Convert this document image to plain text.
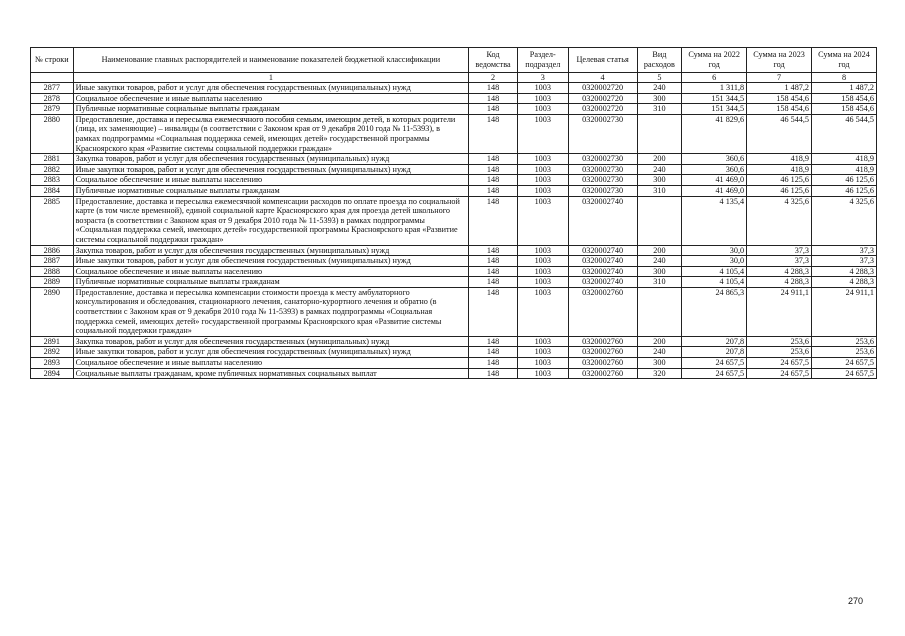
№ строки	Наименование главных распорядителей и наименование показателей бюджетной классификации	Код ведомства	Раздел-подраздел	Целевая статья	Вид расходов	Сумма на 2022 год	Сумма на 2023 год	Сумма на 2024 год
	1	2	3	4	5	6	7	8
2877	Иные закупки товаров, работ и услуг для обеспечения государственных (муниципальных) нужд	148	1003	0320002720	240	1 311,8	1 487,2	1 487,2
2878	Социальное обеспечение и иные выплаты населению	148	1003	0320002720	300	151 344,5	158 454,6	158 454,6
2879	Публичные нормативные социальные выплаты гражданам	148	1003	0320002720	310	151 344,5	158 454,6	158 454,6
2880	Предоставление, доставка и пересылка ежемесячного пособия семьям, имеющим детей, в которых родители (лица, их заменяющие) – инвалиды (в соответствии с Законом края от 9 декабря 2010 года № 11-5393), в рамках подпрограммы «Социальная поддержка семей, имеющих детей» государственной программы Красноярского края «Развитие системы социальной поддержки граждан»	148	1003	0320002730		41 829,6	46 544,5	46 544,5
2881	Закупка товаров, работ и услуг для обеспечения государственных (муниципальных) нужд	148	1003	0320002730	200	360,6	418,9	418,9
2882	Иные закупки товаров, работ и услуг для обеспечения государственных (муниципальных) нужд	148	1003	0320002730	240	360,6	418,9	418,9
2883	Социальное обеспечение и иные выплаты населению	148	1003	0320002730	300	41 469,0	46 125,6	46 125,6
2884	Публичные нормативные социальные выплаты гражданам	148	1003	0320002730	310	41 469,0	46 125,6	46 125,6
2885	Предоставление, доставка и пересылка ежемесячной компенсации расходов по оплате проезда по социальной карте (в том числе временной), единой социальной карте Красноярского края для проезда детей школьного возраста (в соответствии с Законом края от 9 декабря 2010 года № 11-5393) в рамках подпрограммы «Социальная поддержка семей, имеющих детей» государственной программы Красноярского края «Развитие системы социальной поддержки граждан»	148	1003	0320002740		4 135,4	4 325,6	4 325,6
2886	Закупка товаров, работ и услуг для обеспечения государственных (муниципальных) нужд	148	1003	0320002740	200	30,0	37,3	37,3
2887	Иные закупки товаров, работ и услуг для обеспечения государственных (муниципальных) нужд	148	1003	0320002740	240	30,0	37,3	37,3
2888	Социальное обеспечение и иные выплаты населению	148	1003	0320002740	300	4 105,4	4 288,3	4 288,3
2889	Публичные нормативные социальные выплаты гражданам	148	1003	0320002740	310	4 105,4	4 288,3	4 288,3
2890	Предоставление, доставка и пересылка компенсации стоимости проезда к месту амбулаторного консультирования и обследования, стационарного лечения, санаторно-курортного лечения и обратно (в соответствии с Законом края от 9 декабря 2010 года № 11-5393) в рамках подпрограммы «Социальная поддержка семей, имеющих детей» государственной программы Красноярского края «Развитие системы социальной поддержки граждан»	148	1003	0320002760		24 865,3	24 911,1	24 911,1
2891	Закупка товаров, работ и услуг для обеспечения государственных (муниципальных) нужд	148	1003	0320002760	200	207,8	253,6	253,6
2892	Иные закупки товаров, работ и услуг для обеспечения государственных (муниципальных) нужд	148	1003	0320002760	240	207,8	253,6	253,6
2893	Социальное обеспечение и иные выплаты населению	148	1003	0320002760	300	24 657,5	24 657,5	24 657,5
2894	Социальные выплаты гражданам, кроме публичных нормативных социальных выплат	148	1003	0320002760	320	24 657,5	24 657,5	24 657,5
270
